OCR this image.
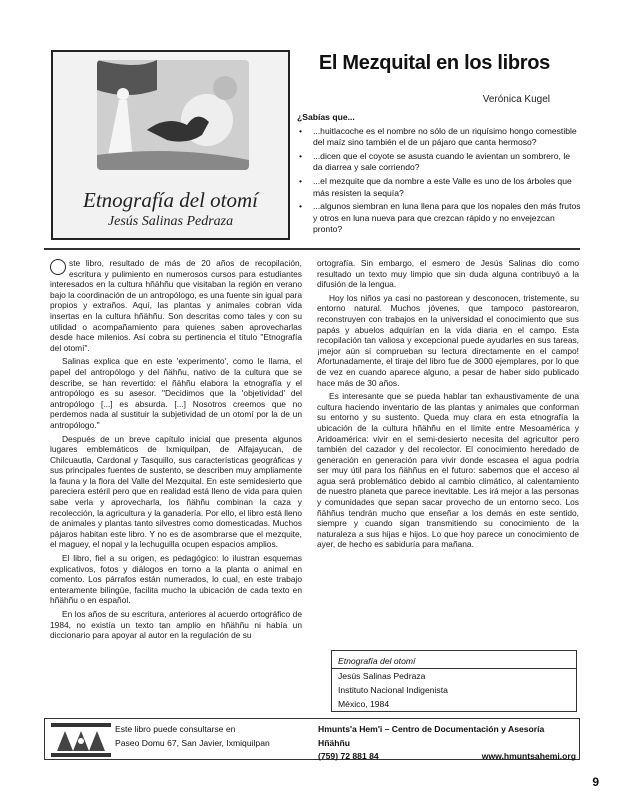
Etnografía del otomí
Jesús Salinas Pedraza
El Mezquital en los libros
Verónica Kugel
¿Sabías que...
• ...huitlacoche es el nombre no sólo de un riquísimo hongo comestible del maíz sino también el de un pájaro que canta hermoso?
• ...dicen que el coyote se asusta cuando le avientan un sombrero, le da diarrea y sale corriendo?
• ...el mezquite que da nombre a este Valle es uno de los árboles que más resisten la sequía?
• ...algunos siembran en luna llena para que los nopales den más frutos y otros en luna nueva para que crezcan rápido y no envejezcan pronto?

ste libro, resultado de más de 20 años de recopilación, escritura y pulimiento en numerosos cursos para estudiantes interesados en la cultura hñähñu que visitaban la región en verano bajo la coordinación de un antropólogo, es una fuente sin igual para propios y extraños. Aquí, las plantas y animales cobran vida insertas en la cultura hñähñu. Son descritas como tales y con su utilidad o acompañamiento para quienes saben aprovecharlas desde hace milenios. Así cobra su pertinencia el título "Etnografía del otomí".

Salinas explica que en este 'experimento', como le llama, el papel del antropólogo y del ñähñu, nativo de la cultura que se describe, se han revertido: el ñähñu elabora la etnografía y el antropólogo es su asesor. "Decidimos que la 'objetividad' del antropólogo [...] es absurda. [...] Nosotros creemos que no perdemos nada al sustituir la subjetividad de un otomí por la de un antropólogo."

Después de un breve capítulo inicial que presenta algunos lugares emblemáticos de Ixmiquilpan, de Alfajayucan, de Chilcuautla, Cardonal y Tasquillo, sus características geográficas y sus principales fuentes de sustento, se describen muy ampliamente la fauna y la flora del Valle del Mezquital. En este semidesierto que pareciera estéril pero que en realidad está lleno de vida para quien sabe verla y aprovecharla, los ñähñu combinan la caza y recolección, la agricultura y la ganadería. Por ello, el libro está lleno de animales y plantas tanto silvestres como domesticadas. Muchos pájaros habitan este libro. Y no es de asombrarse que el mezquite, el maguey, el nopal y la lechuguilla ocupen espacios amplios.

El libro, fiel a su origen, es pedagógico: lo ilustran esquemas explicativos, fotos y diálogos en torno a la planta o animal en comento. Los párrafos están numerados, lo cual, en este trabajo enteramente bilingüe, facilita mucho la ubicación de cada texto en hñähñu o en español.

En los años de su escritura, anteriores al acuerdo ortográfico de 1984, no existía un texto tan amplio en hñähñu ni había un diccionario para apoyar al autor en la regulación de su

ortografía. Sin embargo, el esmero de Jesús Salinas dio como resultado un texto muy limpio que sin duda alguna contribuyó a la difusión de la lengua.

Hoy los niños ya casi no pastorean y desconocen, tristemente, su entorno natural. Muchos jóvenes, que tampoco pastorearon, reconstruyen con trabajos en la universidad el conocimiento que sus papás y abuelos adquirían en la vida diaria en el campo. Esta recopilación tan valiosa y excepcional puede ayudarles en sus tareas, ¡mejor aún si comprueban su lectura directamente en el campo! Afortunadamente, el tiraje del libro fue de 3000 ejemplares, por lo que de vez en cuando aparece alguno, a pesar de haber sido publicado hace más de 30 años.

Es interesante que se pueda hablar tan exhaustivamente de una cultura haciendo inventario de las plantas y animales que conforman su entorno y su sustento. Queda muy clara en esta etnografía la ubicación de la cultura hñähñu en el límite entre Mesoamérica y Aridoamérica: vivir en el semi-desierto necesita del agricultor pero también del cazador y del recolector. El conocimiento heredado de generación en generación para vivir donde escasea el agua podría ser muy útil para los ñähñus en el futuro: sabemos que el acceso al agua será problemático debido al cambio climático, al calentamiento de nuestro planeta que parece inevitable. Les irá mejor a las personas y comunidades que sepan sacar provecho de un entorno seco. Los ñähñus tendrán mucho que enseñar a los demás en este sentido, siempre y cuando sigan transmitiendo su conocimiento de la naturaleza a sus hijas e hijos. Lo que hoy parece un conocimiento de ayer, de hecho es sabiduría para mañana.

Etnografía del otomí
Jesús Salinas Pedraza
Instituto Nacional Indigenista
México, 1984
Este libro puede consultarse en
Paseo Domu 67, San Javier, Ixmiquilpan
Hmunts'a Hem'i – Centro de Documentación y Asesoría Hñähñu
(759) 72 881 84	www.hmuntsahemi.org
9
